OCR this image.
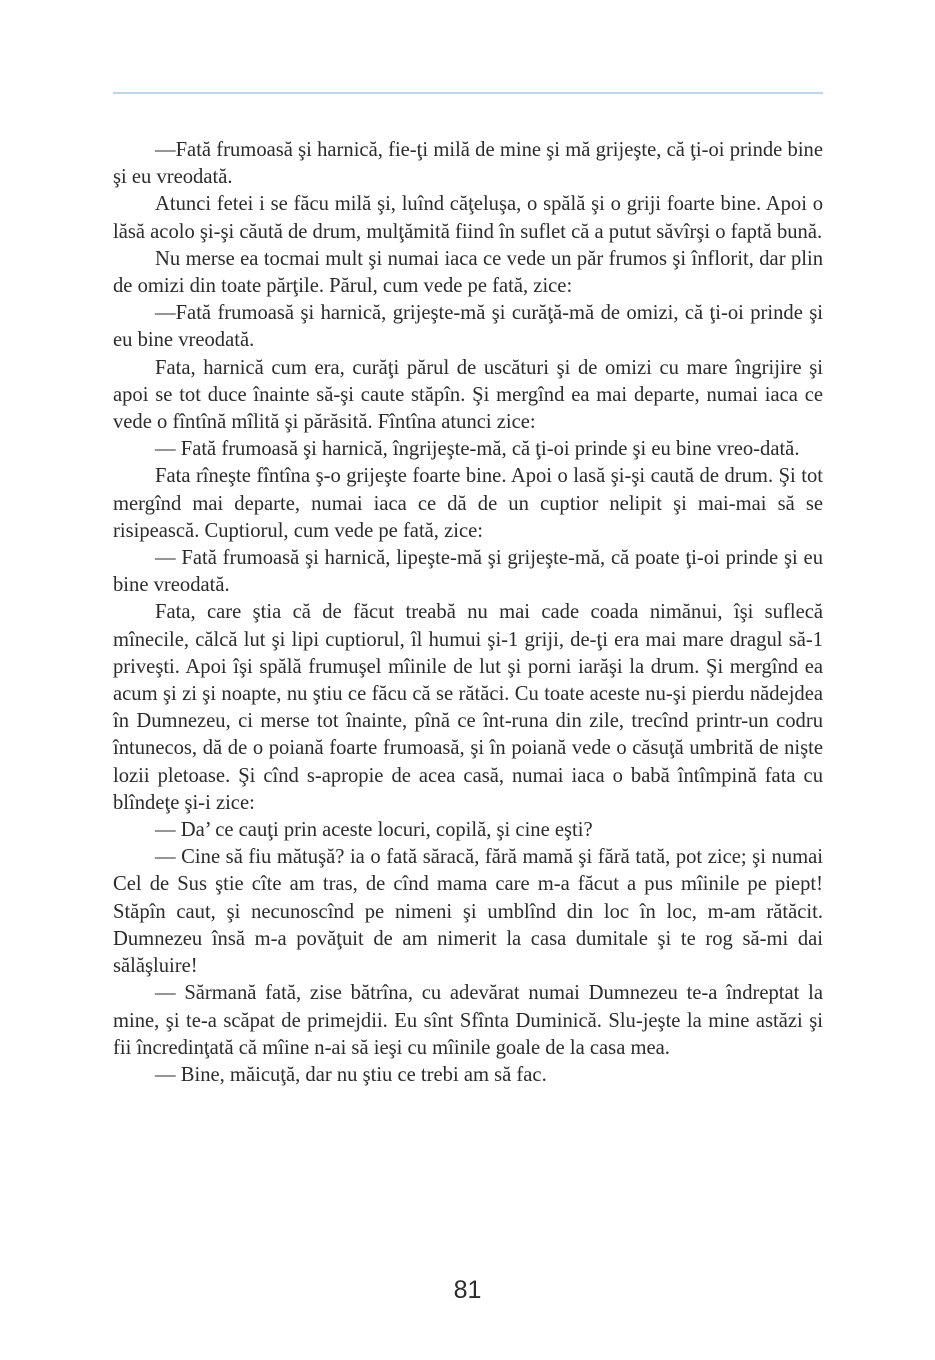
—Fată frumoasă şi harnică, fie-ţi milă de mine şi mă grijeşte, că ţi-oi prinde bine şi eu vreodată.

Atunci fetei i se făcu milă şi, luînd căţeluşa, o spălă şi o griji foarte bine. Apoi o lăsă acolo şi-şi căută de drum, mulţămită fiind în suflet că a putut săvîrşi o faptă bună.

Nu merse ea tocmai mult şi numai iaca ce vede un păr frumos şi înflorit, dar plin de omizi din toate părţile. Părul, cum vede pe fată, zice:

—Fată frumoasă şi harnică, grijeşte-mă şi curăţă-mă de omizi, că ţi-oi prinde şi eu bine vreodată.

Fata, harnică cum era, curăţi părul de uscături şi de omizi cu mare îngrijire şi apoi se tot duce înainte să-şi caute stăpîn. Şi mergînd ea mai departe, numai iaca ce vede o fîntînă mîlită şi părăsită. Fîntîna atunci zice:

— Fată frumoasă şi harnică, îngrijeşte-mă, că ţi-oi prinde şi eu bine vreo-dată.

Fata rîneşte fîntîna ş-o grijeşte foarte bine. Apoi o lasă şi-şi caută de drum. Şi tot mergînd mai departe, numai iaca ce dă de un cuptior nelipit şi mai-mai să se risipească. Cuptiorul, cum vede pe fată, zice:

— Fată frumoasă şi harnică, lipeşte-mă şi grijeşte-mă, că poate ţi-oi prinde şi eu bine vreodată.

Fata, care ştia că de făcut treabă nu mai cade coada nimănui, îşi suflecă mînecile, călcă lut şi lipi cuptiorul, îl humui şi-1 griji, de-ţi era mai mare dragul să-1 priveşti. Apoi îşi spălă frumuşel mîinile de lut şi porni iarăşi la drum. Şi mergînd ea acum şi zi şi noapte, nu ştiu ce făcu că se rătăci. Cu toate aceste nu-şi pierdu nădejdea în Dumnezeu, ci merse tot înainte, pînă ce înt-runa din zile, trecînd printr-un codru întunecos, dă de o poiană foarte frumoasă, şi în poiană vede o căsuţă umbrită de nişte lozii pletoase. Şi cînd s-apropie de acea casă, numai iaca o babă întîmpină fata cu blîndeţe şi-i zice:

— Da’ ce cauţi prin aceste locuri, copilă, şi cine eşti?

— Cine să fiu mătuşă? ia o fată săracă, fără mamă şi fără tată, pot zice; şi numai Cel de Sus ştie cîte am tras, de cînd mama care m-a făcut a pus mîinile pe piept! Stăpîn caut, şi necunoscînd pe nimeni şi umblînd din loc în loc, m-am rătăcit. Dumnezeu însă m-a povăţuit de am nimerit la casa dumitale şi te rog să-mi dai sălăşluire!

— Sărmană fată, zise bătrîna, cu adevărat numai Dumnezeu te-a îndreptat la mine, şi te-a scăpat de primejdii. Eu sînt Sfînta Duminică. Slu-jeşte la mine astăzi şi fii încredinţată că mîine n-ai să ieşi cu mîinile goale de la casa mea.

— Bine, măicuţă, dar nu ştiu ce trebi am să fac.

81
